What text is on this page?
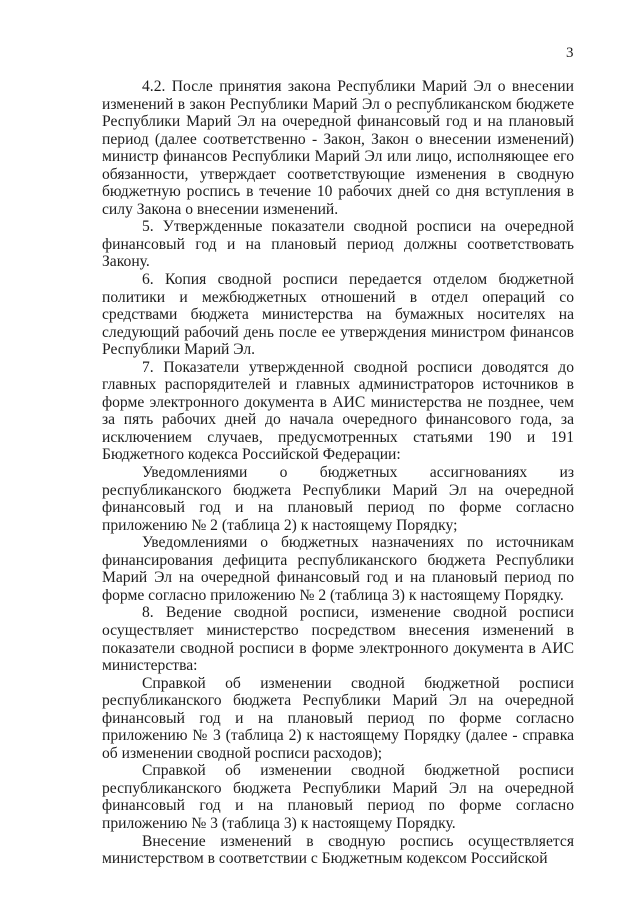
3

4.2. После принятия закона Республики Марий Эл о внесении изменений в закон Республики Марий Эл о республиканском бюджете Республики Марий Эл на очередной финансовый год и на плановый период (далее соответственно - Закон, Закон о внесении изменений) министр финансов Республики Марий Эл или лицо, исполняющее его обязанности, утверждает соответствующие изменения в сводную бюджетную роспись в течение 10 рабочих дней со дня вступления в силу Закона о внесении изменений.

5. Утвержденные показатели сводной росписи на очередной финансовый год и на плановый период должны соответствовать Закону.

6. Копия сводной росписи передается отделом бюджетной политики и межбюджетных отношений в отдел операций со средствами бюджета министерства на бумажных носителях на следующий рабочий день после ее утверждения министром финансов Республики Марий Эл.

7. Показатели утвержденной сводной росписи доводятся до главных распорядителей и главных администраторов источников в форме электронного документа в АИС министерства не позднее, чем за пять рабочих дней до начала очередного финансового года, за исключением случаев, предусмотренных статьями 190 и 191 Бюджетного кодекса Российской Федерации:

Уведомлениями о бюджетных ассигнованиях из республиканского бюджета Республики Марий Эл на очередной финансовый год и на плановый период по форме согласно приложению № 2 (таблица 2) к настоящему Порядку;

Уведомлениями о бюджетных назначениях по источникам финансирования дефицита республиканского бюджета Республики Марий Эл на очередной финансовый год и на плановый период по форме согласно приложению № 2 (таблица 3) к настоящему Порядку.

8. Ведение сводной росписи, изменение сводной росписи осуществляет министерство посредством внесения изменений в показатели сводной росписи в форме электронного документа в АИС министерства:

Справкой об изменении сводной бюджетной росписи республиканского бюджета Республики Марий Эл на очередной финансовый год и на плановый период по форме согласно приложению № 3 (таблица 2) к настоящему Порядку (далее - справка об изменении сводной росписи расходов);

Справкой об изменении сводной бюджетной росписи республиканского бюджета Республики Марий Эл на очередной финансовый год и на плановый период по форме согласно приложению № 3 (таблица 3) к настоящему Порядку.

Внесение изменений в сводную роспись осуществляется министерством в соответствии с Бюджетным кодексом Российской
